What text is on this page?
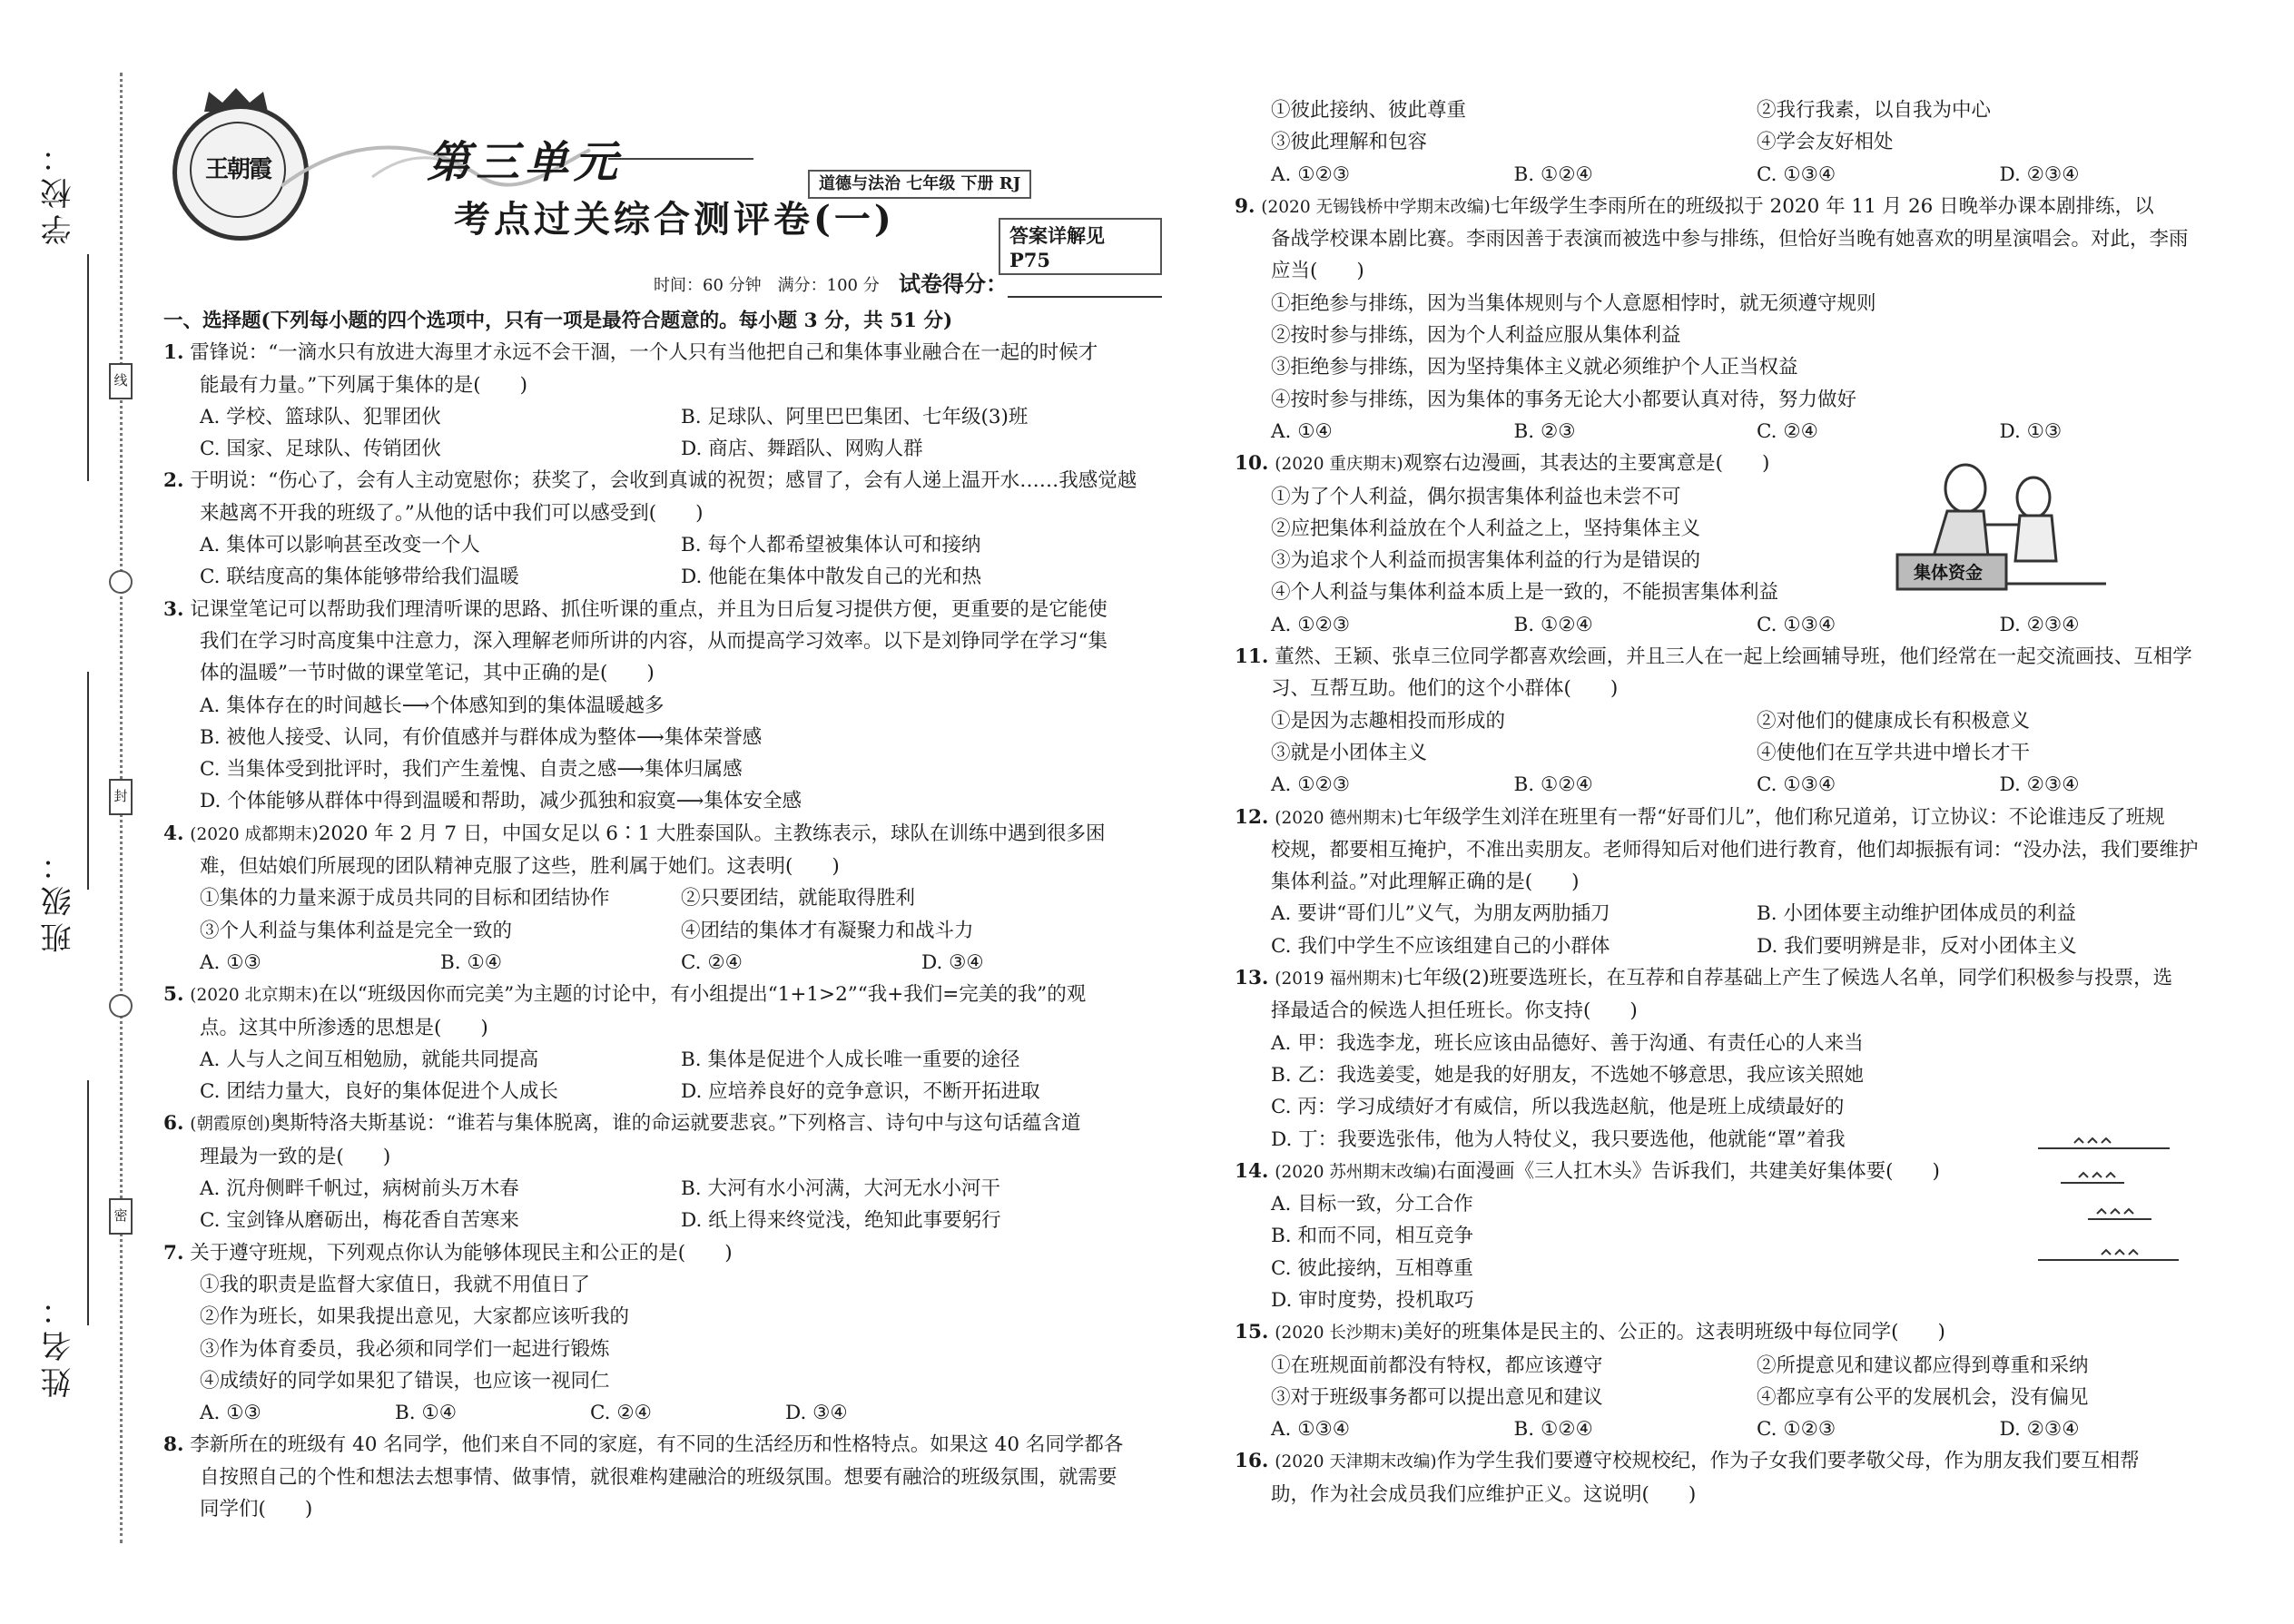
学校：
班级：
姓名：
线
封
密
王朝霞	第三单元	道德与法治 七年级 下册 RJ
考点过关综合测评卷(一)	答案详解见 P75
时间：60 分钟　满分：100 分 试卷得分：
一、选择题(下列每小题的四个选项中，只有一项是最符合题意的。每小题 3 分，共 51 分)
1. 雷锋说：“一滴水只有放进大海里才永远不会干涸，一个人只有当他把自己和集体事业融合在一起的时候才
能最有力量。”下列属于集体的是(　　)
A. 学校、篮球队、犯罪团伙	B. 足球队、阿里巴巴集团、七年级(3)班
C. 国家、足球队、传销团伙	D. 商店、舞蹈队、网购人群
2. 于明说：“伤心了，会有人主动宽慰你；获奖了，会收到真诚的祝贺；感冒了，会有人递上温开水……我感觉越
来越离不开我的班级了。”从他的话中我们可以感受到(　　)
A. 集体可以影响甚至改变一个人	B. 每个人都希望被集体认可和接纳
C. 联结度高的集体能够带给我们温暖	D. 他能在集体中散发自己的光和热
3. 记课堂笔记可以帮助我们理清听课的思路、抓住听课的重点，并且为日后复习提供方便，更重要的是它能使
我们在学习时高度集中注意力，深入理解老师所讲的内容，从而提高学习效率。以下是刘铮同学在学习“集
体的温暖”一节时做的课堂笔记，其中正确的是(　　)
A. 集体存在的时间越长⟶个体感知到的集体温暖越多
B. 被他人接受、认同，有价值感并与群体成为整体⟶集体荣誉感
C. 当集体受到批评时，我们产生羞愧、自责之感⟶集体归属感
D. 个体能够从群体中得到温暖和帮助，减少孤独和寂寞⟶集体安全感
4. (2020 成都期末)2020 年 2 月 7 日，中国女足以 6∶1 大胜泰国队。主教练表示，球队在训练中遇到很多困
难，但姑娘们所展现的团队精神克服了这些，胜利属于她们。这表明(　　)
①集体的力量来源于成员共同的目标和团结协作	②只要团结，就能取得胜利
③个人利益与集体利益是完全一致的	④团结的集体才有凝聚力和战斗力
A. ①③	B. ①④	C. ②④	D. ③④
5. (2020 北京期末)在以“班级因你而完美”为主题的讨论中，有小组提出“1+1>2”“我+我们=完美的我”的观
点。这其中所渗透的思想是(　　)
A. 人与人之间互相勉励，就能共同提高	B. 集体是促进个人成长唯一重要的途径
C. 团结力量大，良好的集体促进个人成长	D. 应培养良好的竞争意识，不断开拓进取
6. (朝霞原创)奥斯特洛夫斯基说：“谁若与集体脱离，谁的命运就要悲哀。”下列格言、诗句中与这句话蕴含道
理最为一致的是(　　)
A. 沉舟侧畔千帆过，病树前头万木春	B. 大河有水小河满，大河无水小河干
C. 宝剑锋从磨砺出，梅花香自苦寒来	D. 纸上得来终觉浅，绝知此事要躬行
7. 关于遵守班规，下列观点你认为能够体现民主和公正的是(　　)
①我的职责是监督大家值日，我就不用值日了
②作为班长，如果我提出意见，大家都应该听我的
③作为体育委员，我必须和同学们一起进行锻炼
④成绩好的同学如果犯了错误，也应该一视同仁
A. ①③	B. ①④	C. ②④	D. ③④
8. 李新所在的班级有 40 名同学，他们来自不同的家庭，有不同的生活经历和性格特点。如果这 40 名同学都各
自按照自己的个性和想法去想事情、做事情，就很难构建融洽的班级氛围。想要有融洽的班级氛围，就需要
同学们(　　)
①彼此接纳、彼此尊重	②我行我素，以自我为中心
③彼此理解和包容	④学会友好相处
A. ①②③	B. ①②④	C. ①③④	D. ②③④
9. (2020 无锡钱桥中学期末改编)七年级学生李雨所在的班级拟于 2020 年 11 月 26 日晚举办课本剧排练，以
备战学校课本剧比赛。李雨因善于表演而被选中参与排练，但恰好当晚有她喜欢的明星演唱会。对此，李雨
应当(　　)
①拒绝参与排练，因为当集体规则与个人意愿相悖时，就无须遵守规则
②按时参与排练，因为个人利益应服从集体利益
③拒绝参与排练，因为坚持集体主义就必须维护个人正当权益
④按时参与排练，因为集体的事务无论大小都要认真对待，努力做好
A. ①④	B. ②③	C. ②④	D. ①③
集体资金
10. (2020 重庆期末)观察右边漫画，其表达的主要寓意是(　　)
①为了个人利益，偶尔损害集体利益也未尝不可
②应把集体利益放在个人利益之上，坚持集体主义
③为追求个人利益而损害集体利益的行为是错误的
④个人利益与集体利益本质上是一致的，不能损害集体利益
A. ①②③	B. ①②④	C. ①③④	D. ②③④
11. 董然、王颖、张卓三位同学都喜欢绘画，并且三人在一起上绘画辅导班，他们经常在一起交流画技、互相学
习、互帮互助。他们的这个小群体(　　)
①是因为志趣相投而形成的	②对他们的健康成长有积极意义
③就是小团体主义	④使他们在互学共进中增长才干
A. ①②③	B. ①②④	C. ①③④	D. ②③④
12. (2020 德州期末)七年级学生刘洋在班里有一帮“好哥们儿”，他们称兄道弟，订立协议：不论谁违反了班规
校规，都要相互掩护，不准出卖朋友。老师得知后对他们进行教育，他们却振振有词：“没办法，我们要维护
集体利益。”对此理解正确的是(　　)
A. 要讲“哥们儿”义气，为朋友两肋插刀	B. 小团体要主动维护团体成员的利益
C. 我们中学生不应该组建自己的小群体	D. 我们要明辨是非，反对小团体主义
13. (2019 福州期末)七年级(2)班要选班长，在互荐和自荐基础上产生了候选人名单，同学们积极参与投票，选
择最适合的候选人担任班长。你支持(　　)
A. 甲：我选李龙，班长应该由品德好、善于沟通、有责任心的人来当
B. 乙：我选姜雯，她是我的好朋友，不选她不够意思，我应该关照她
C. 丙：学习成绩好才有威信，所以我选赵航，他是班上成绩最好的
D. 丁：我要选张伟，他为人特仗义，我只要选他，他就能“罩”着我
14. (2020 苏州期末改编)右面漫画《三人扛木头》告诉我们，共建美好集体要(　　)
A. 目标一致，分工合作
B. 和而不同，相互竞争
C. 彼此接纳，互相尊重
D. 审时度势，投机取巧
15. (2020 长沙期末)美好的班集体是民主的、公正的。这表明班级中每位同学(　　)
①在班规面前都没有特权，都应该遵守	②所提意见和建议都应得到尊重和采纳
③对于班级事务都可以提出意见和建议	④都应享有公平的发展机会，没有偏见
A. ①③④	B. ①②④	C. ①②③	D. ②③④
16. (2020 天津期末改编)作为学生我们要遵守校规校纪，作为子女我们要孝敬父母，作为朋友我们要互相帮
助，作为社会成员我们应维护正义。这说明(　　)
